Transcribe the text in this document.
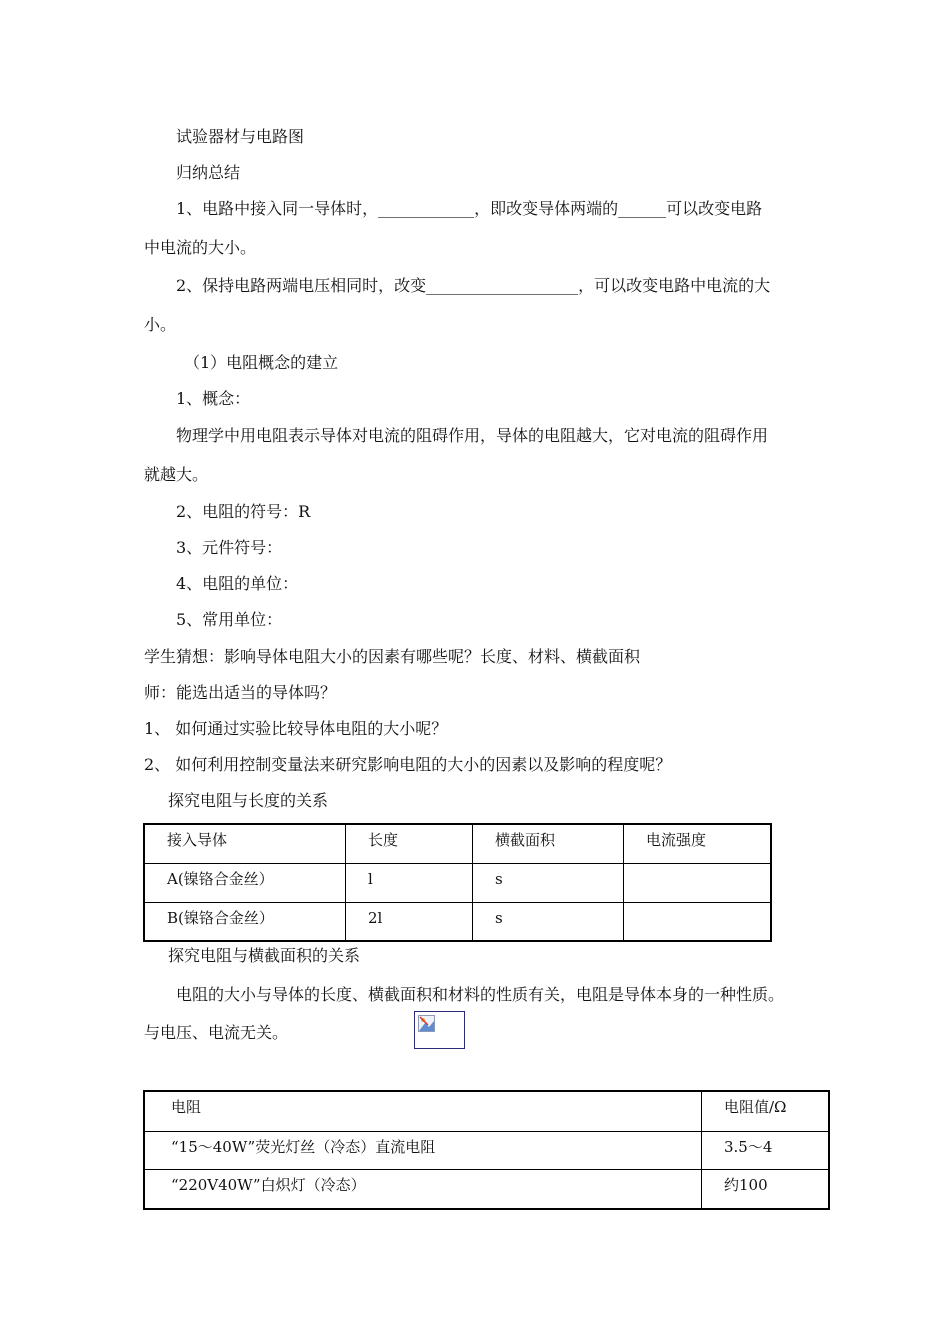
试验器材与电路图
归纳总结
1、电路中接入同一导体时，____________，即改变导体两端的______可以改变电路
中电流的大小。
2、保持电路两端电压相同时，改变___________________，可以改变电路中电流的大
小。
（1）电阻概念的建立
1、概念：
物理学中用电阻表示导体对电流的阻碍作用，导体的电阻越大，它对电流的阻碍作用
就越大。
2、电阻的符号：R
3、元件符号：
4、电阻的单位：
5、常用单位：
学生猜想：影响导体电阻大小的因素有哪些呢？长度、材料、横截面积
师：能选出适当的导体吗？
1、 如何通过实验比较导体电阻的大小呢？
2、 如何利用控制变量法来研究影响电阻的大小的因素以及影响的程度呢？
探究电阻与长度的关系
接入导体	长度	横截面积	电流强度
A(镍铬合金丝）	l	s	
B(镍铬合金丝）	2l	s	
探究电阻与横截面积的关系
电阻的大小与导体的长度、横截面积和材料的性质有关，电阻是导体本身的一种性质。
与电压、电流无关。
电阻	电阻值/Ω
“15～40W”荧光灯丝（冷态）直流电阻	3.5～4
“220V40W”白炽灯（冷态）	约100
